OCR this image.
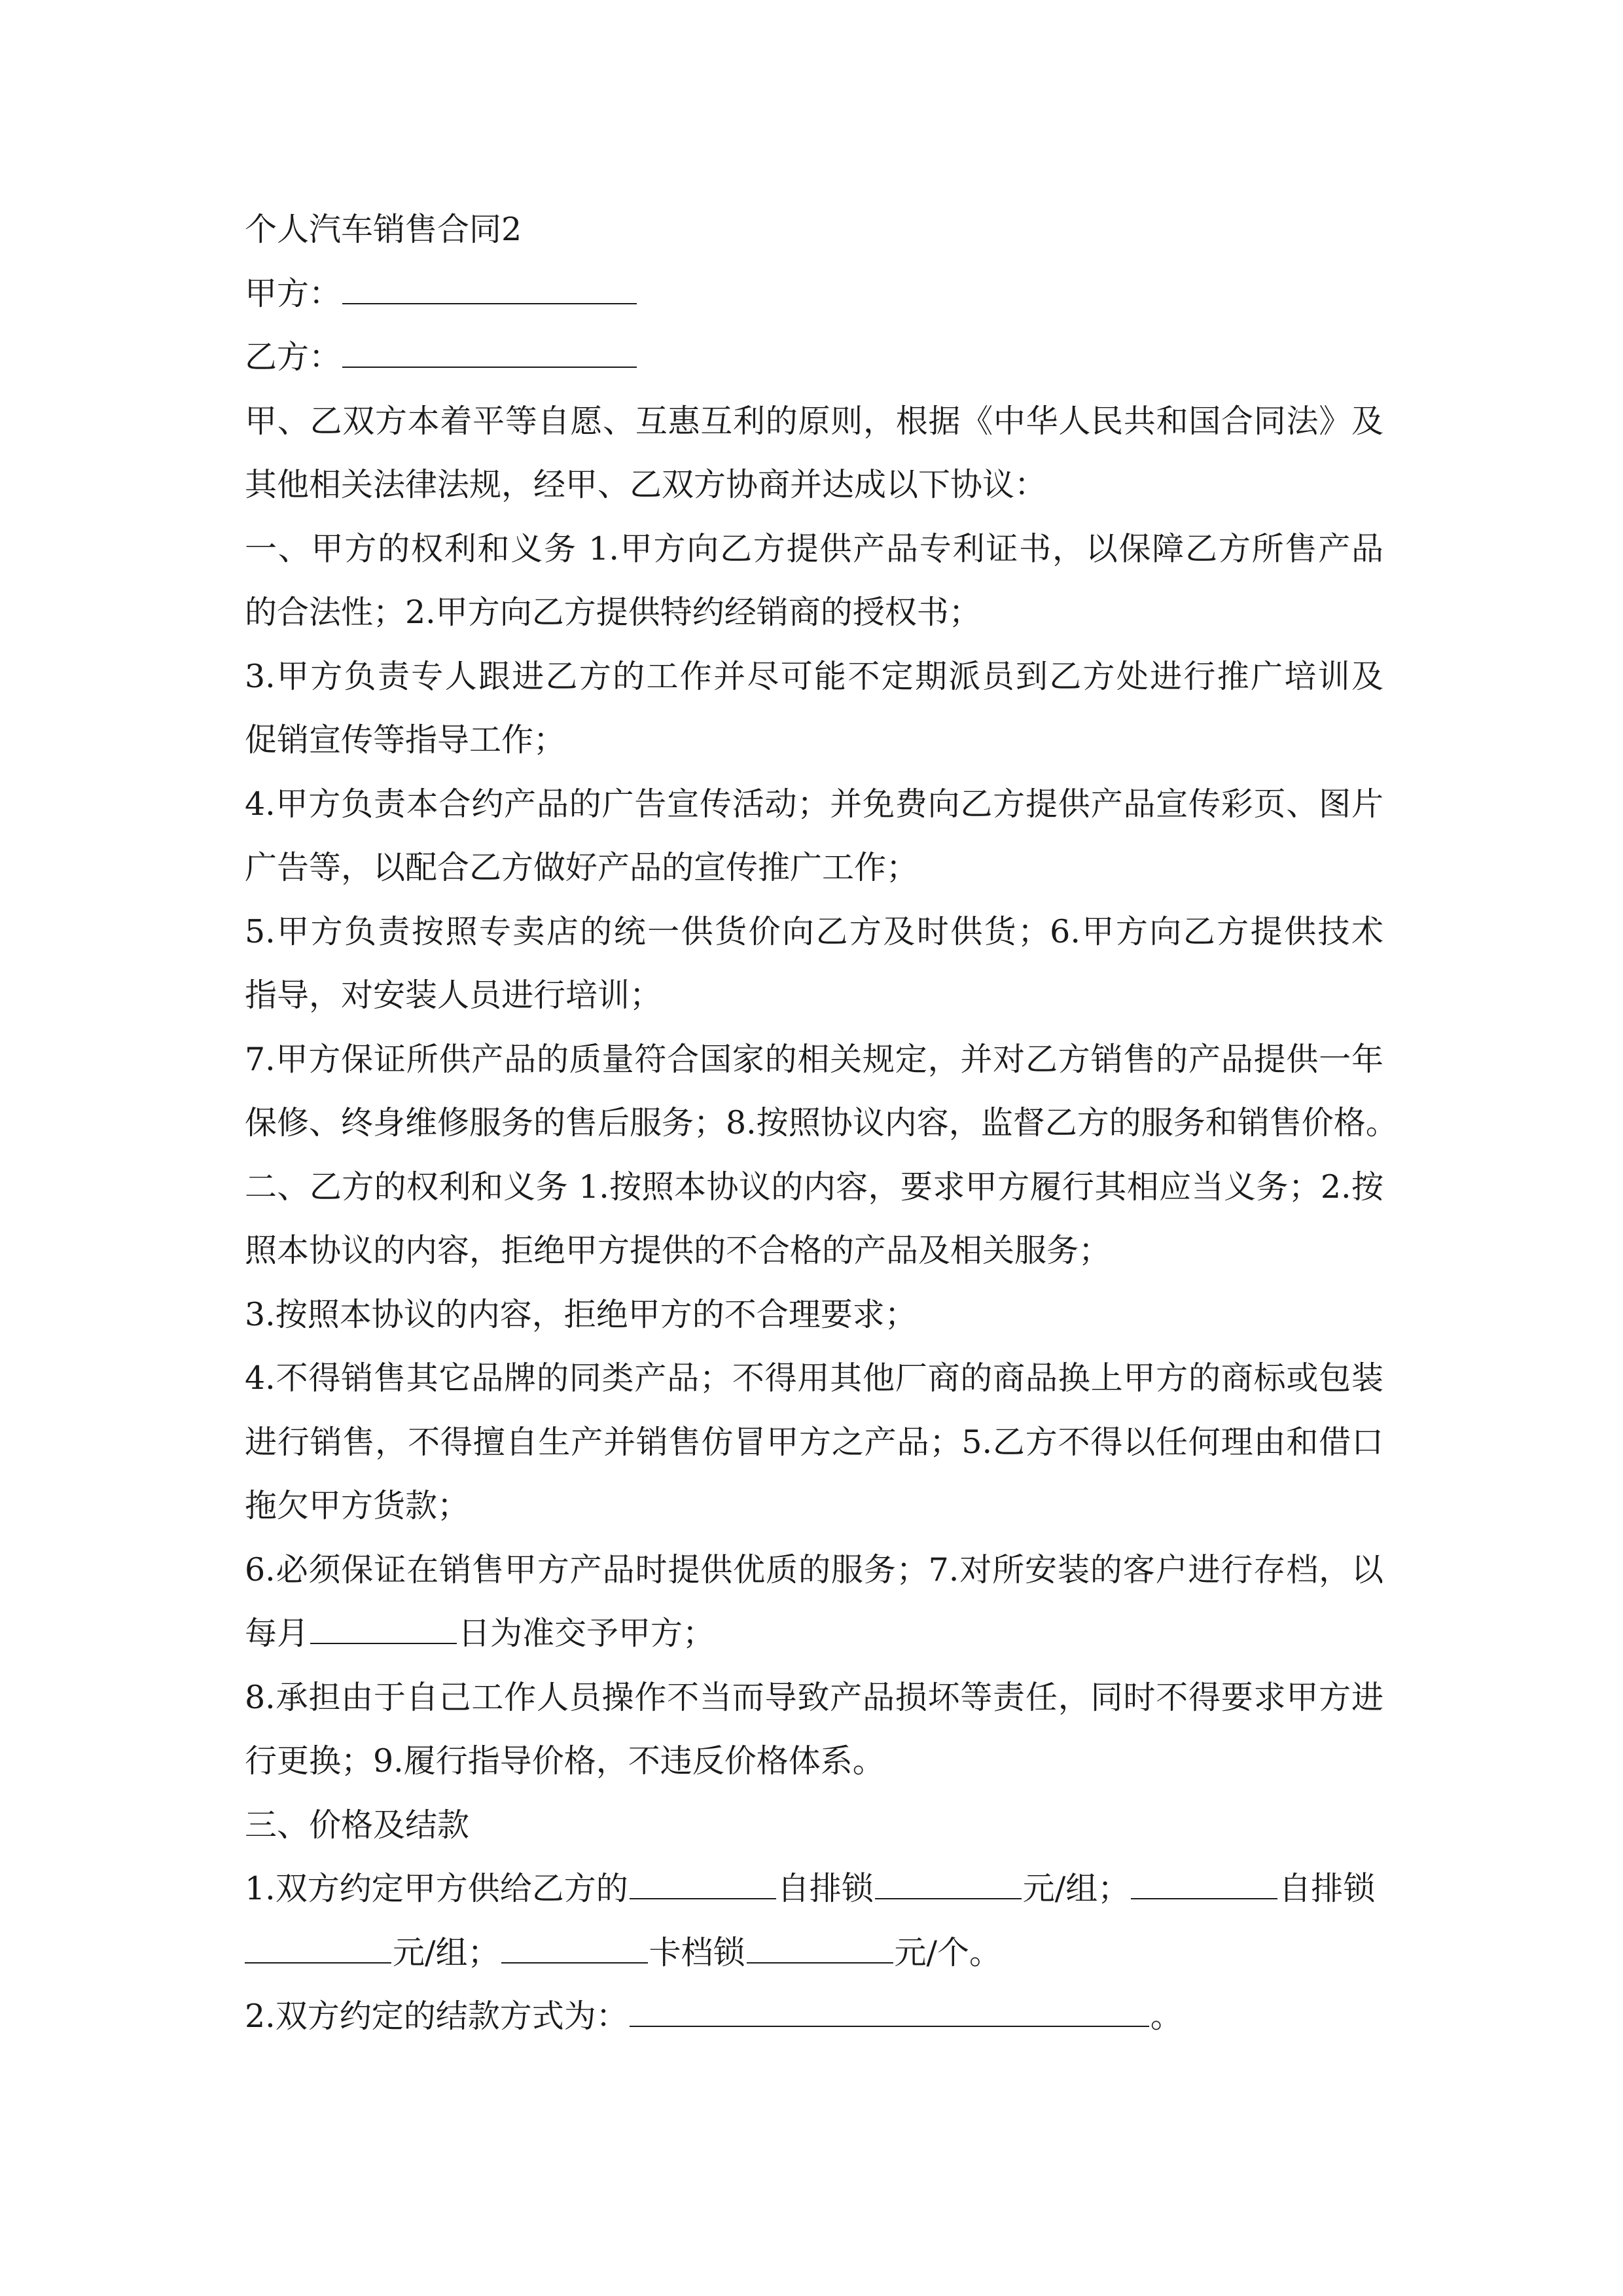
个人汽车销售合同2
甲方：
乙方：
甲、乙双方本着平等自愿、互惠互利的原则，根据《中华人民共和国合同法》及
其他相关法律法规，经甲、乙双方协商并达成以下协议：
一、甲方的权利和义务 1.甲方向乙方提供产品专利证书，以保障乙方所售产品
的合法性；2.甲方向乙方提供特约经销商的授权书；
3.甲方负责专人跟进乙方的工作并尽可能不定期派员到乙方处进行推广培训及
促销宣传等指导工作；
4.甲方负责本合约产品的广告宣传活动；并免费向乙方提供产品宣传彩页、图片
广告等，以配合乙方做好产品的宣传推广工作；
5.甲方负责按照专卖店的统一供货价向乙方及时供货；6.甲方向乙方提供技术
指导，对安装人员进行培训；
7.甲方保证所供产品的质量符合国家的相关规定，并对乙方销售的产品提供一年
保修、终身维修服务的售后服务；8.按照协议内容，监督乙方的服务和销售价格。
二、乙方的权利和义务 1.按照本协议的内容，要求甲方履行其相应当义务；2.按
照本协议的内容，拒绝甲方提供的不合格的产品及相关服务；
3.按照本协议的内容，拒绝甲方的不合理要求；
4.不得销售其它品牌的同类产品；不得用其他厂商的商品换上甲方的商标或包装
进行销售，不得擅自生产并销售仿冒甲方之产品；5.乙方不得以任何理由和借口
拖欠甲方货款；
6.必须保证在销售甲方产品时提供优质的服务；7.对所安装的客户进行存档，以
每月	日为准交予甲方；
8.承担由于自己工作人员操作不当而导致产品损坏等责任，同时不得要求甲方进
行更换；9.履行指导价格，不违反价格体系。
三、价格及结款
1.双方约定甲方供给乙方的	自排锁	元/组；	自排锁
元/组；	卡档锁	元/个。
2.双方约定的结款方式为：	。
